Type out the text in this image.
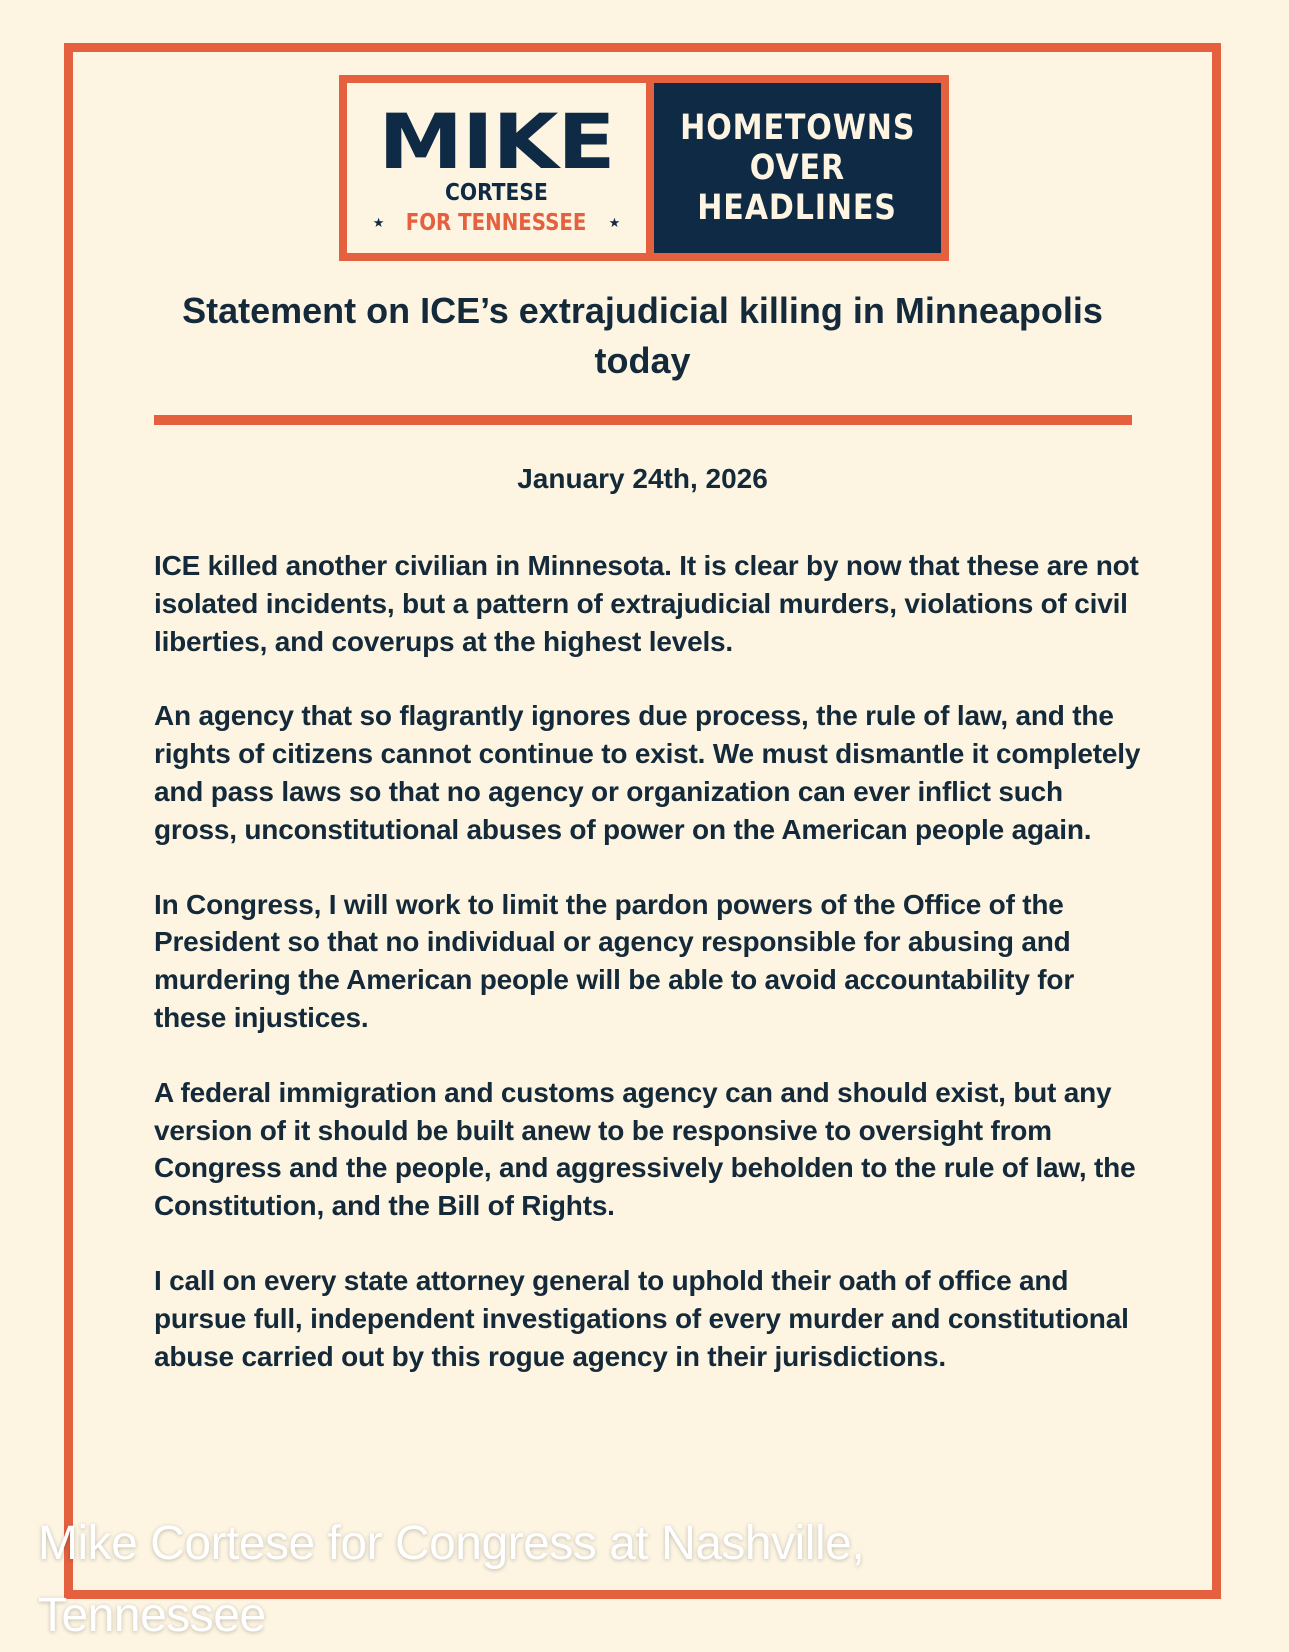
MIKE
CORTESE
★ FOR TENNESSEE ★
HOMETOWNS
OVER
HEADLINES
Statement on ICE’s extrajudicial killing in Minneapolis today
January 24th, 2026

ICE killed another civilian in Minnesota. It is clear by now that these are not isolated incidents, but a pattern of extrajudicial murders, violations of civil liberties, and coverups at the highest levels.

An agency that so flagrantly ignores due process, the rule of law, and the rights of citizens cannot continue to exist. We must dismantle it completely and pass laws so that no agency or organization can ever inflict such gross, unconstitutional abuses of power on the American people again.

In Congress, I will work to limit the pardon powers of the Office of the President so that no individual or agency responsible for abusing and murdering the American people will be able to avoid accountability for these injustices.

A federal immigration and customs agency can and should exist, but any version of it should be built anew to be responsive to oversight from Congress and the people, and aggressively beholden to the rule of law, the Constitution, and the Bill of Rights.

I call on every state attorney general to uphold their oath of office and pursue full, independent investigations of every murder and constitutional abuse carried out by this rogue agency in their jurisdictions.

Mike Cortese for Congress at Nashville, Tennessee
